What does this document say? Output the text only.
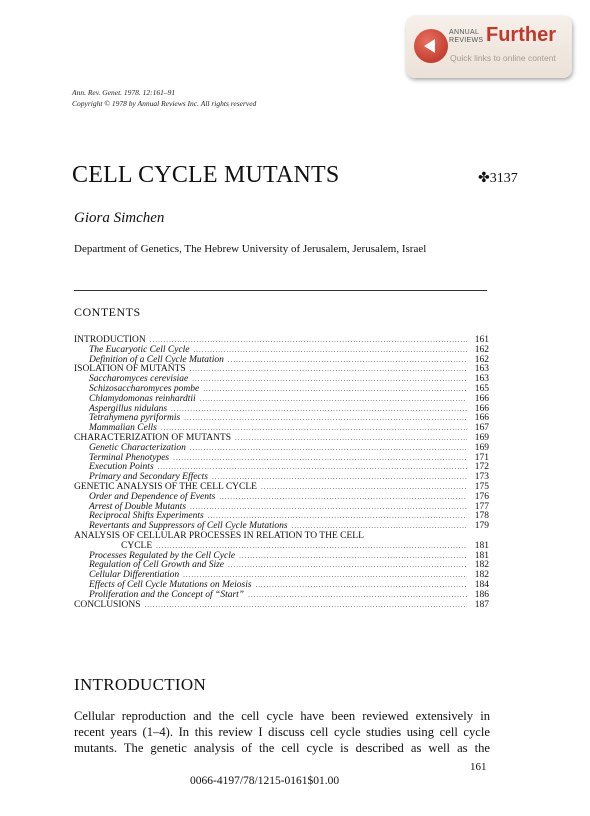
ANNUAL
REVIEWS Further
Quick links to online content
Ann. Rev. Genet. 1978. 12:161–91
Copyright © 1978 by Annual Reviews Inc. All rights reserved
CELL CYCLE MUTANTS	✤3137
Giora Simchen
Department of Genetics, The Hebrew University of Jerusalem, Jerusalem, Israel
CONTENTS
INTRODUCTION .....	161
The Eucaryotic Cell Cycle .....	162
Definition of a Cell Cycle Mutation .....	162
ISOLATION OF MUTANTS .....	163
Saccharomyces cerevisiae .....	163
Schizosaccharomyces pombe .....	165
Chlamydomonas reinhardtii .....	166
Aspergillus nidulans .....	166
Tetrahymena pyriformis .....	166
Mammalian Cells .....	167
CHARACTERIZATION OF MUTANTS .....	169
Genetic Characterization .....	169
Terminal Phenotypes .....	171
Execution Points .....	172
Primary and Secondary Effects .....	173
GENETIC ANALYSIS OF THE CELL CYCLE .....	175
Order and Dependence of Events .....	176
Arrest of Double Mutants .....	177
Reciprocal Shifts Experiments .....	178
Revertants and Suppressors of Cell Cycle Mutations .....	179
ANALYSIS OF CELLULAR PROCESSES IN RELATION TO THE CELL
CYCLE .....	181
Processes Regulated by the Cell Cycle .....	181
Regulation of Cell Growth and Size .....	182
Cellular Differentiation .....	182
Effects of Cell Cycle Mutations on Meiosis .....	184
Proliferation and the Concept of “Start” .....	186
CONCLUSIONS .....	187
INTRODUCTION
Cellular reproduction and the cell cycle have been reviewed extensively in
recent years (1–4). In this review I discuss cell cycle studies using cell cycle
mutants. The genetic analysis of the cell cycle is described as well as the
161
0066-4197/78/1215-0161$01.00
